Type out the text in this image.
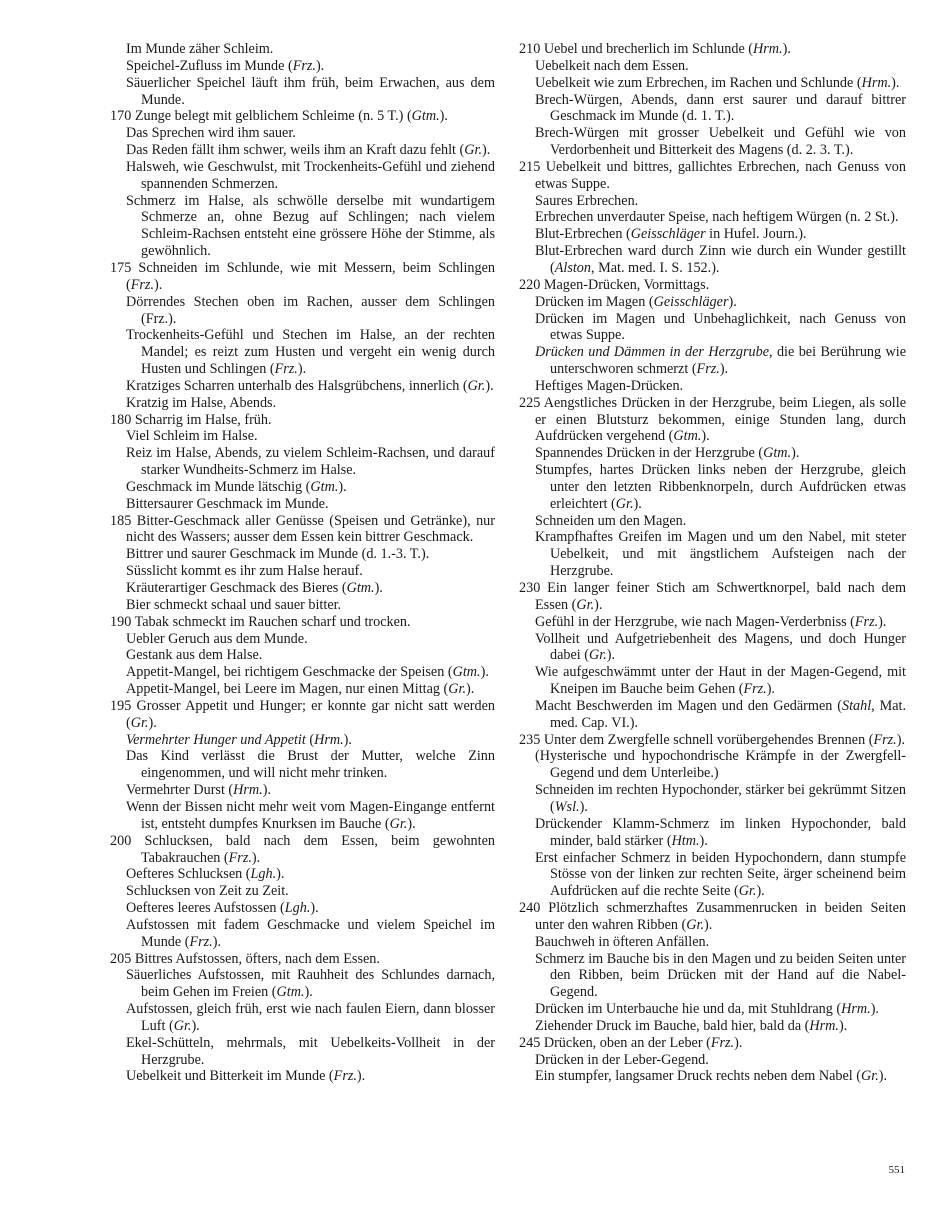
Im Munde zäher Schleim.

Speichel-Zufluss im Munde (Frz.).

Säuerlicher Speichel läuft ihm früh, beim Erwachen, aus dem Munde.

170 Zunge belegt mit gelblichem Schleime (n. 5 T.) (Gtm.).

Das Sprechen wird ihm sauer.

Das Reden fällt ihm schwer, weils ihm an Kraft dazu fehlt (Gr.).

Halsweh, wie Geschwulst, mit Trockenheits-Gefühl und ziehend spannenden Schmerzen.

Schmerz im Halse, als schwölle derselbe mit wundartigem Schmerze an, ohne Bezug auf Schlingen; nach vielem Schleim-Rachsen entsteht eine grössere Höhe der Stimme, als gewöhnlich.

175 Schneiden im Schlunde, wie mit Messern, beim Schlingen (Frz.).

Dörrendes Stechen oben im Rachen, ausser dem Schlingen (Frz.).

Trockenheits-Gefühl und Stechen im Halse, an der rechten Mandel; es reizt zum Husten und vergeht ein wenig durch Husten und Schlingen (Frz.).

Kratziges Scharren unterhalb des Halsgrübchens, innerlich (Gr.).

Kratzig im Halse, Abends.

180 Scharrig im Halse, früh.

Viel Schleim im Halse.

Reiz im Halse, Abends, zu vielem Schleim-Rachsen, und darauf starker Wundheits-Schmerz im Halse.

Geschmack im Munde lätschig (Gtm.).

Bittersaurer Geschmack im Munde.

185 Bitter-Geschmack aller Genüsse (Speisen und Getränke), nur nicht des Wassers; ausser dem Essen kein bittrer Geschmack.

Bittrer und saurer Geschmack im Munde (d. 1.-3. T.).

Süsslicht kommt es ihr zum Halse herauf.

Kräuterartiger Geschmack des Bieres (Gtm.).

Bier schmeckt schaal und sauer bitter.

190 Tabak schmeckt im Rauchen scharf und trocken.

Uebler Geruch aus dem Munde.

Gestank aus dem Halse.

Appetit-Mangel, bei richtigem Geschmacke der Speisen (Gtm.).

Appetit-Mangel, bei Leere im Magen, nur einen Mittag (Gr.).

195 Grosser Appetit und Hunger; er konnte gar nicht satt werden (Gr.).

Vermehrter Hunger und Appetit (Hrm.).

Das Kind verlässt die Brust der Mutter, welche Zinn eingenommen, und will nicht mehr trinken.

Vermehrter Durst (Hrm.).

Wenn der Bissen nicht mehr weit vom Magen-Eingange entfernt ist, entsteht dumpfes Knurksen im Bauche (Gr.).

200 Schlucksen, bald nach dem Essen, beim gewohnten Tabakrauchen (Frz.).

Oefteres Schlucksen (Lgh.).

Schlucksen von Zeit zu Zeit.

Oefteres leeres Aufstossen (Lgh.).

Aufstossen mit fadem Geschmacke und vielem Speichel im Munde (Frz.).

205 Bittres Aufstossen, öfters, nach dem Essen.

Säuerliches Aufstossen, mit Rauhheit des Schlundes darnach, beim Gehen im Freien (Gtm.).

Aufstossen, gleich früh, erst wie nach faulen Eiern, dann blosser Luft (Gr.).

Ekel-Schütteln, mehrmals, mit Uebelkeits-Vollheit in der Herzgrube.

Uebelkeit und Bitterkeit im Munde (Frz.).

210 Uebel und brecherlich im Schlunde (Hrm.).

Uebelkeit nach dem Essen.

Uebelkeit wie zum Erbrechen, im Rachen und Schlunde (Hrm.).

Brech-Würgen, Abends, dann erst saurer und darauf bittrer Geschmack im Munde (d. 1. T.).

Brech-Würgen mit grosser Uebelkeit und Gefühl wie von Verdorbenheit und Bitterkeit des Magens (d. 2. 3. T.).

215 Uebelkeit und bittres, gallichtes Erbrechen, nach Genuss von etwas Suppe.

Saures Erbrechen.

Erbrechen unverdauter Speise, nach heftigem Würgen (n. 2 St.).

Blut-Erbrechen (Geisschläger in Hufel. Journ.).

Blut-Erbrechen ward durch Zinn wie durch ein Wunder gestillt (Alston, Mat. med. I. S. 152.).

220 Magen-Drücken, Vormittags.

Drücken im Magen (Geisschläger).

Drücken im Magen und Unbehaglichkeit, nach Genuss von etwas Suppe.

Drücken und Dämmen in der Herzgrube, die bei Berührung wie unterschworen schmerzt (Frz.).

Heftiges Magen-Drücken.

225 Aengstliches Drücken in der Herzgrube, beim Liegen, als solle er einen Blutsturz bekommen, einige Stunden lang, durch Aufdrücken vergehend (Gtm.).

Spannendes Drücken in der Herzgrube (Gtm.).

Stumpfes, hartes Drücken links neben der Herzgrube, gleich unter den letzten Ribbenknorpeln, durch Aufdrücken etwas erleichtert (Gr.).

Schneiden um den Magen.

Krampfhaftes Greifen im Magen und um den Nabel, mit steter Uebelkeit, und mit ängstlichem Aufsteigen nach der Herzgrube.

230 Ein langer feiner Stich am Schwertknorpel, bald nach dem Essen (Gr.).

Gefühl in der Herzgrube, wie nach Magen-Verderbniss (Frz.).

Vollheit und Aufgetriebenheit des Magens, und doch Hunger dabei (Gr.).

Wie aufgeschwämmt unter der Haut in der Magen-Gegend, mit Kneipen im Bauche beim Gehen (Frz.).

Macht Beschwerden im Magen und den Gedärmen (Stahl, Mat. med. Cap. VI.).

235 Unter dem Zwergfelle schnell vorübergehendes Brennen (Frz.).

(Hysterische und hypochondrische Krämpfe in der Zwergfell-Gegend und dem Unterleibe.)

Schneiden im rechten Hypochonder, stärker bei gekrümmt Sitzen (Wsl.).

Drückender Klamm-Schmerz im linken Hypochonder, bald minder, bald stärker (Htm.).

Erst einfacher Schmerz in beiden Hypochondern, dann stumpfe Stösse von der linken zur rechten Seite, ärger scheinend beim Aufdrücken auf die rechte Seite (Gr.).

240 Plötzlich schmerzhaftes Zusammenrucken in beiden Seiten unter den wahren Ribben (Gr.).

Bauchweh in öfteren Anfällen.

Schmerz im Bauche bis in den Magen und zu beiden Seiten unter den Ribben, beim Drücken mit der Hand auf die Nabel-Gegend.

Drücken im Unterbauche hie und da, mit Stuhldrang (Hrm.).

Ziehender Druck im Bauche, bald hier, bald da (Hrm.).

245 Drücken, oben an der Leber (Frz.).

Drücken in der Leber-Gegend.

Ein stumpfer, langsamer Druck rechts neben dem Nabel (Gr.).

551
